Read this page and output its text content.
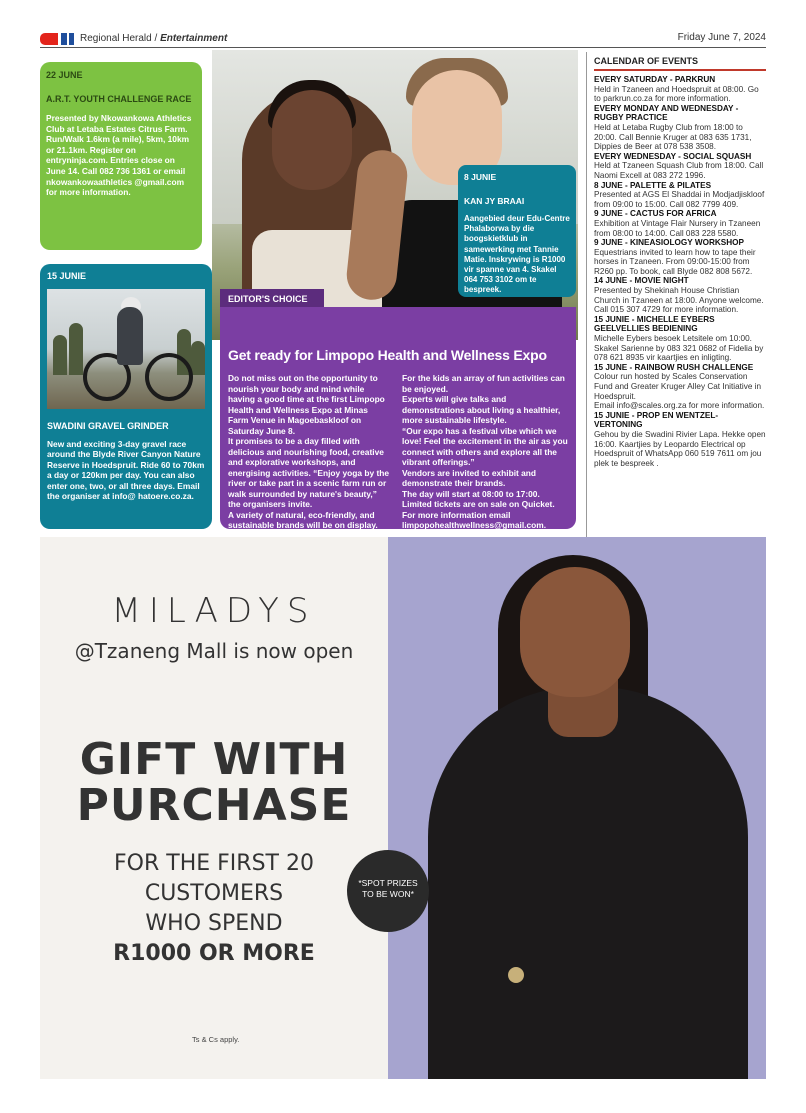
Regional Herald / Entertainment	Friday June 7, 2024
22 JUNE
A.R.T. YOUTH CHALLENGE RACE
Presented by Nkowankowa Athletics Club at Letaba Estates Citrus Farm. Run/Walk 1.6km (a mile), 5km, 10km or 21.1km. Register on entryninja.com. Entries close on June 14. Call 082 736 1361 or email nkowankowaathletics @gmail.com for more information.
15 JUNIE
SWADINI GRAVEL GRINDER
New and exciting 3-day gravel race around the Blyde River Canyon Nature Reserve in Hoedspruit. Ride 60 to 70km a day or 120km per day. You can also enter one, two, or all three days. Email the organiser at info@ hatoere.co.za.
8 JUNIE
KAN JY BRAAI
Aangebied deur Edu-Centre Phalaborwa by die boogskietklub in samewerking met Tannie Matie. Inskrywing is R1000 vir spanne van 4. Skakel 064 753 3102 om te bespreek.
EDITOR'S CHOICE
Get ready for Limpopo Health and Wellness Expo
Do not miss out on the opportunity to nourish your body and mind while having a good time at the first Limpopo Health and Wellness Expo at Minas Farm Venue in Magoebaskloof on Saturday June 8.
It promises to be a day filled with delicious and nourishing food, creative and explorative workshops, and energising activities. “Enjoy yoga by the river or take part in a scenic farm run or walk surrounded by nature's beauty,” the organisers invite.
A variety of natural, eco-friendly, and sustainable brands will be on display.
For the kids an array of fun activities can be enjoyed.
Experts will give talks and demonstrations about living a healthier, more sustainable lifestyle.
“Our expo has a festival vibe which we love! Feel the excitement in the air as you connect with others and explore all the vibrant offerings.”
Vendors are invited to exhibit and demonstrate their brands.
The day will start at 08:00 to 17:00.
Limited tickets are on sale on Quicket. For more information email limpopohealthwellness@gmail.com.
CALENDAR OF EVENTS
EVERY SATURDAY - PARKRUN
Held in Tzaneen and Hoedspruit at 08:00. Go to parkrun.co.za for more information.
EVERY MONDAY AND WEDNESDAY - RUGBY PRACTICE
Held at Letaba Rugby Club from 18:00 to 20:00. Call Bennie Kruger at 083 635 1731, Dippies de Beer at 078 538 3508.
EVERY WEDNESDAY - SOCIAL SQUASH
Held at Tzaneen Squash Club from 18:00. Call Naomi Excell at 083 272 1996.
8 JUNE - PALETTE & PILATES
Presented at AGS El Shaddai in Modjadjiskloof from 09:00 to 15:00. Call 082 7799 409.
9 JUNE - CACTUS FOR AFRICA
Exhibition at Vintage Flair Nursery in Tzaneen from 08:00 to 14:00. Call 083 228 5580.
9 JUNE - KINEASIOLOGY WORKSHOP
Equestrians invited to learn how to tape their horses in Tzaneen. From 09:00-15:00 from R260 pp. To book, call Blyde 082 808 5672.
14 JUNE - MOVIE NIGHT
Presented by Shekinah House Christian Church in Tzaneen at 18:00. Anyone welcome. Call 015 307 4729 for more information.
15 JUNIE - MICHELLE EYBERS GEELVELLIES BEDIENING
Michelle Eybers besoek Letsitele om 10:00. Skakel Sarienne by 083 321 0682 of Fidelia by 078 621 8935 vir kaartjies en inligting.
15 JUNE - RAINBOW RUSH CHALLENGE
Colour run hosted by Scales Conservation Fund and Greater Kruger Alley Cat Initiative in Hoedspruit.
Email info@scales.org.za for more information.
15 JUNIE - PROP EN WENTZEL-VERTONING
Gehou by die Swadini Rivier Lapa. Hekke open 16:00. Kaartjies by Leopardo Electrical op Hoedspruit of WhatsApp 060 519 7611 om jou plek te bespreek .
MILADYS
@Tzaneng Mall is now open
GIFT WITH
PURCHASE
FOR THE FIRST 20
CUSTOMERS
WHO SPEND
R1000 OR MORE
*SPOT PRIZES
TO BE WON*
Ts & Cs apply.
